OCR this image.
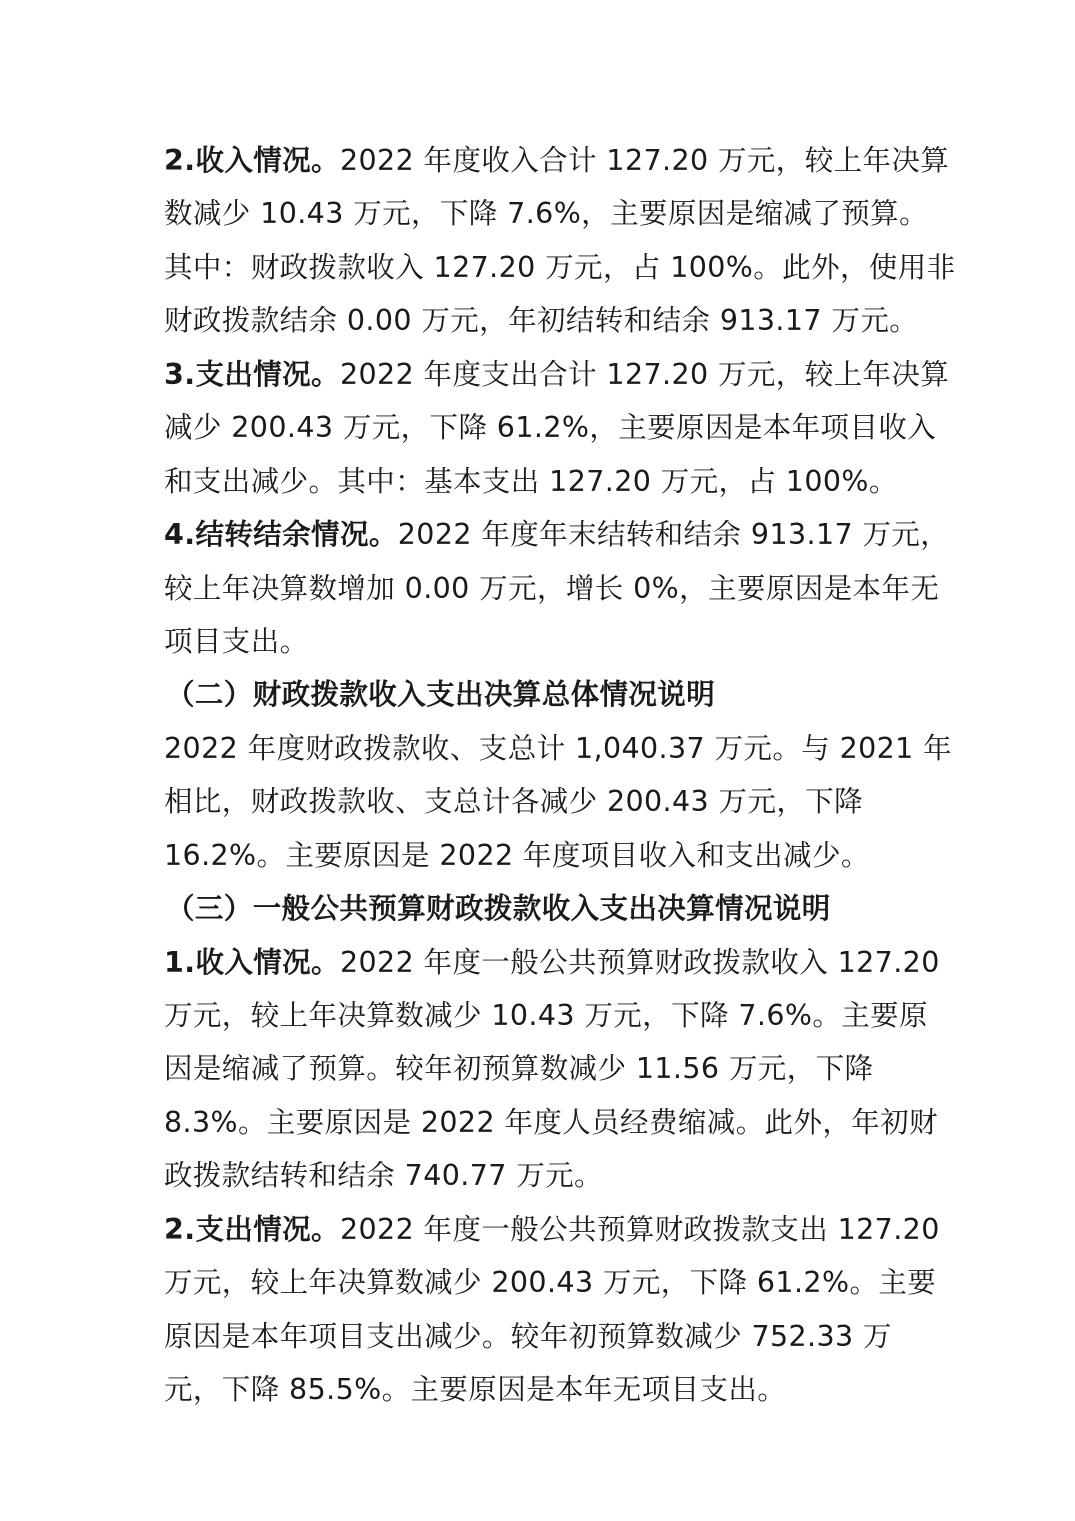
2.收入情况。2022 年度收入合计 127.20 万元，较上年决算
数减少 10.43 万元，下降 7.6%，主要原因是缩减了预算。
其中：财政拨款收入 127.20 万元，占 100%。此外，使用非
财政拨款结余 0.00 万元，年初结转和结余 913.17 万元。
3.支出情况。2022 年度支出合计 127.20 万元，较上年决算
减少 200.43 万元，下降 61.2%，主要原因是本年项目收入
和支出减少。其中：基本支出 127.20 万元，占 100%。
4.结转结余情况。2022 年度年末结转和结余 913.17 万元，
较上年决算数增加 0.00 万元，增长 0%，主要原因是本年无
项目支出。
（二）财政拨款收入支出决算总体情况说明
2022 年度财政拨款收、支总计 1,040.37 万元。与 2021 年
相比，财政拨款收、支总计各减少 200.43 万元，下降
16.2%。主要原因是 2022 年度项目收入和支出减少。
（三）一般公共预算财政拨款收入支出决算情况说明
1.收入情况。2022 年度一般公共预算财政拨款收入 127.20
万元，较上年决算数减少 10.43 万元，下降 7.6%。主要原
因是缩减了预算。较年初预算数减少 11.56 万元，下降
8.3%。主要原因是 2022 年度人员经费缩减。此外，年初财
政拨款结转和结余 740.77 万元。
2.支出情况。2022 年度一般公共预算财政拨款支出 127.20
万元，较上年决算数减少 200.43 万元，下降 61.2%。主要
原因是本年项目支出减少。较年初预算数减少 752.33 万
元，下降 85.5%。主要原因是本年无项目支出。
